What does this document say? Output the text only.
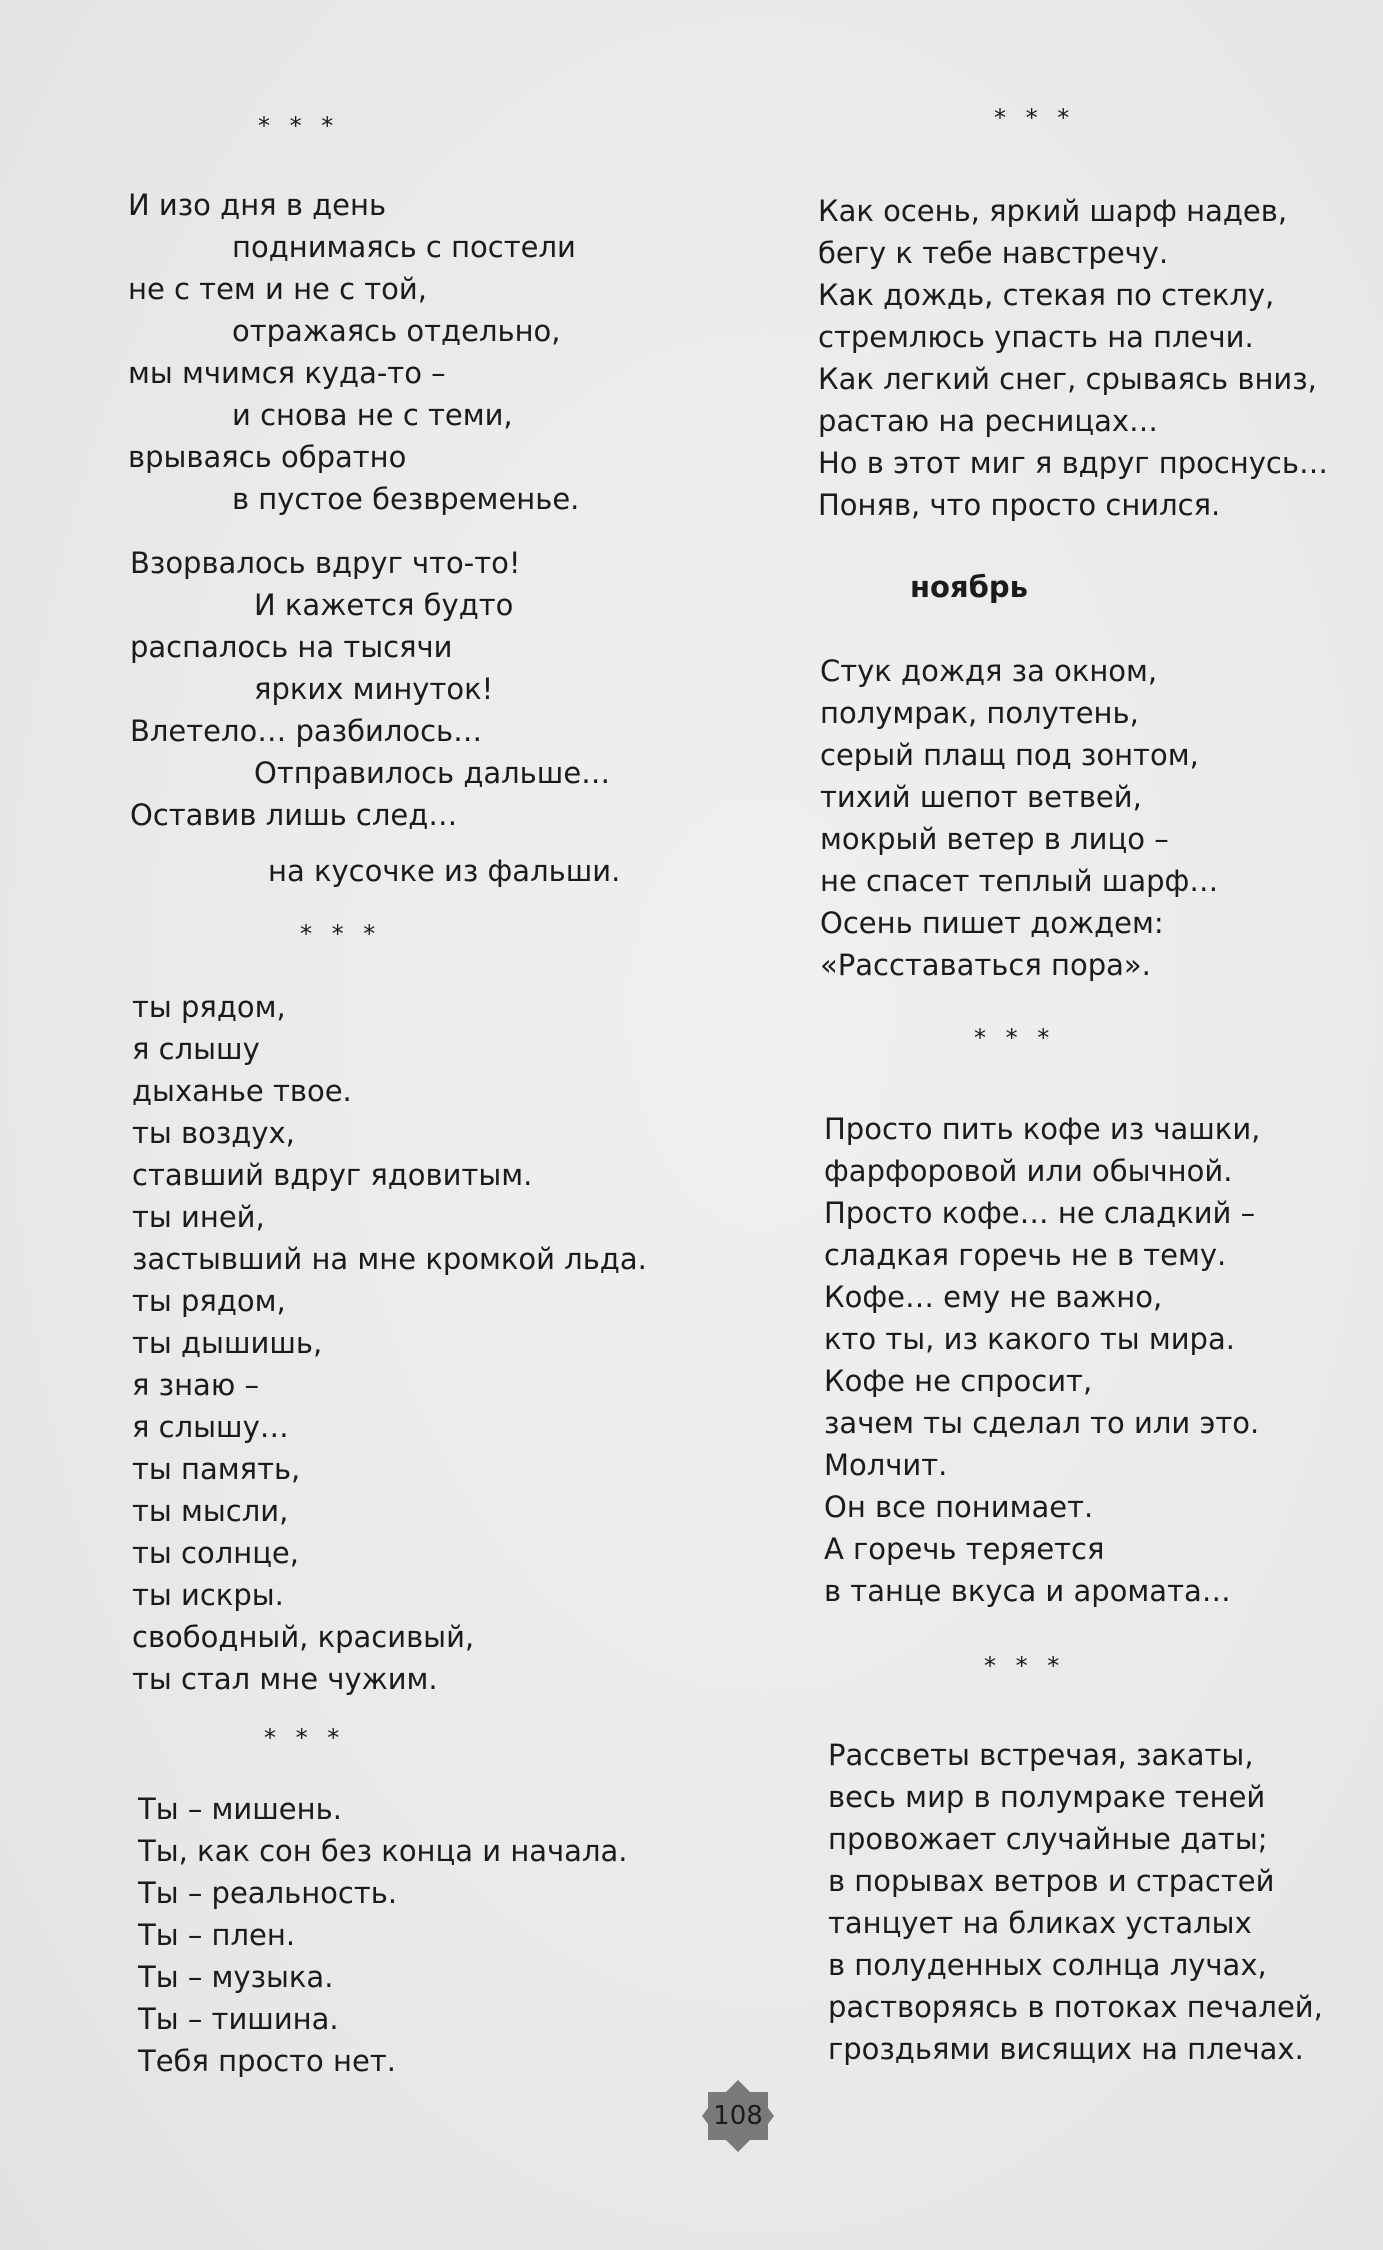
* * *
И изо дня в день
поднимаясь с постели
не с тем и не с той,
отражаясь отдельно,
мы мчимся куда-то –
и снова не с теми,
врываясь обратно
в пустое безвременье.
Взорвалось вдруг что-то!
И кажется будто
распалось на тысячи
ярких минуток!
Влетело… разбилось…
Отправилось дальше…
Оставив лишь след…
на кусочке из фальши.
* * *
ты рядом,
я слышу
дыханье твое.
ты воздух,
ставший вдруг ядовитым.
ты иней,
застывший на мне кромкой льда.
ты рядом,
ты дышишь,
я знаю –
я слышу…
ты память,
ты мысли,
ты солнце,
ты искры.
свободный, красивый,
ты стал мне чужим.
* * *
Ты – мишень.
Ты, как сон без конца и начала.
Ты – реальность.
Ты – плен.
Ты – музыка.
Ты – тишина.
Тебя просто нет.
* * *
Как осень, яркий шарф надев,
бегу к тебе навстречу.
Как дождь, стекая по стеклу,
стремлюсь упасть на плечи.
Как легкий снег, срываясь вниз,
растаю на ресницах…
Но в этот миг я вдруг проснусь…
Поняв, что просто снился.
ноябрь
Стук дождя за окном,
полумрак, полутень,
серый плащ под зонтом,
тихий шепот ветвей,
мокрый ветер в лицо –
не спасет теплый шарф…
Осень пишет дождем:
«Расставаться пора».
* * *
Просто пить кофе из чашки,
фарфоровой или обычной.
Просто кофе… не сладкий –
сладкая горечь не в тему.
Кофе… ему не важно,
кто ты, из какого ты мира.
Кофе не спросит,
зачем ты сделал то или это.
Молчит.
Он все понимает.
А горечь теряется
в танце вкуса и аромата…
* * *
Рассветы встречая, закаты,
весь мир в полумраке теней
провожает случайные даты;
в порывах ветров и страстей
танцует на бликах усталых
в полуденных солнца лучах,
растворяясь в потоках печалей,
гроздьями висящих на плечах.
108
